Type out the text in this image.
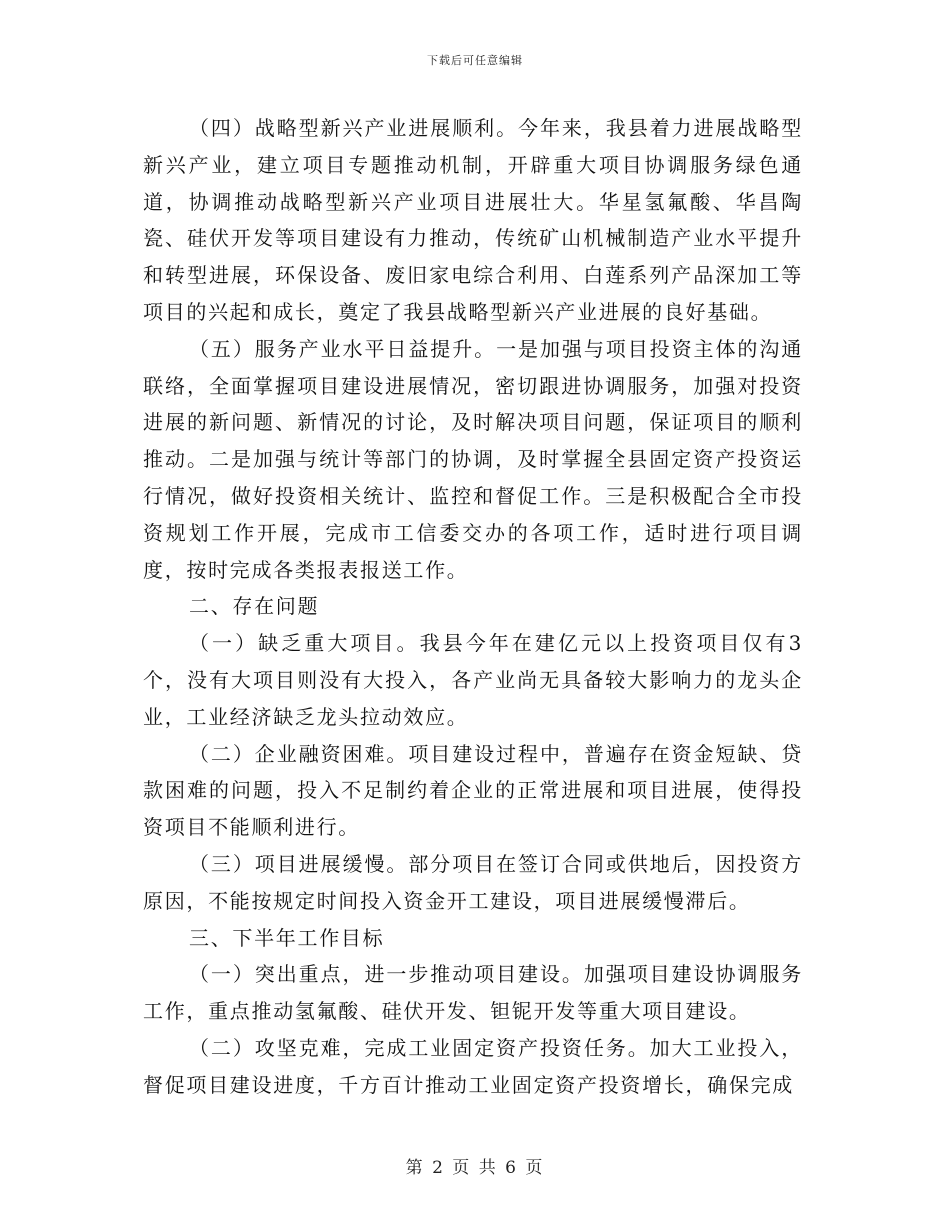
下载后可任意编辑

（四）战略型新兴产业进展顺利。今年来，我县着力进展战略型新兴产业，建立项目专题推动机制，开辟重大项目协调服务绿色通道，协调推动战略型新兴产业项目进展壮大。华星氢氟酸、华昌陶瓷、硅伏开发等项目建设有力推动，传统矿山机械制造产业水平提升和转型进展，环保设备、废旧家电综合利用、白莲系列产品深加工等项目的兴起和成长，奠定了我县战略型新兴产业进展的良好基础。

（五）服务产业水平日益提升。一是加强与项目投资主体的沟通联络，全面掌握项目建设进展情况，密切跟进协调服务，加强对投资进展的新问题、新情况的讨论，及时解决项目问题，保证项目的顺利推动。二是加强与统计等部门的协调，及时掌握全县固定资产投资运行情况，做好投资相关统计、监控和督促工作。三是积极配合全市投资规划工作开展，完成市工信委交办的各项工作，适时进行项目调度，按时完成各类报表报送工作。

二、存在问题

（一）缺乏重大项目。我县今年在建亿元以上投资项目仅有3个，没有大项目则没有大投入，各产业尚无具备较大影响力的龙头企业，工业经济缺乏龙头拉动效应。

（二）企业融资困难。项目建设过程中，普遍存在资金短缺、贷款困难的问题，投入不足制约着企业的正常进展和项目进展，使得投资项目不能顺利进行。

（三）项目进展缓慢。部分项目在签订合同或供地后，因投资方原因，不能按规定时间投入资金开工建设，项目进展缓慢滞后。

三、下半年工作目标

（一）突出重点，进一步推动项目建设。加强项目建设协调服务工作，重点推动氢氟酸、硅伏开发、钽铌开发等重大项目建设。

（二）攻坚克难，完成工业固定资产投资任务。加大工业投入，督促项目建设进度，千方百计推动工业固定资产投资增长，确保完成

第 2 页 共 6 页
